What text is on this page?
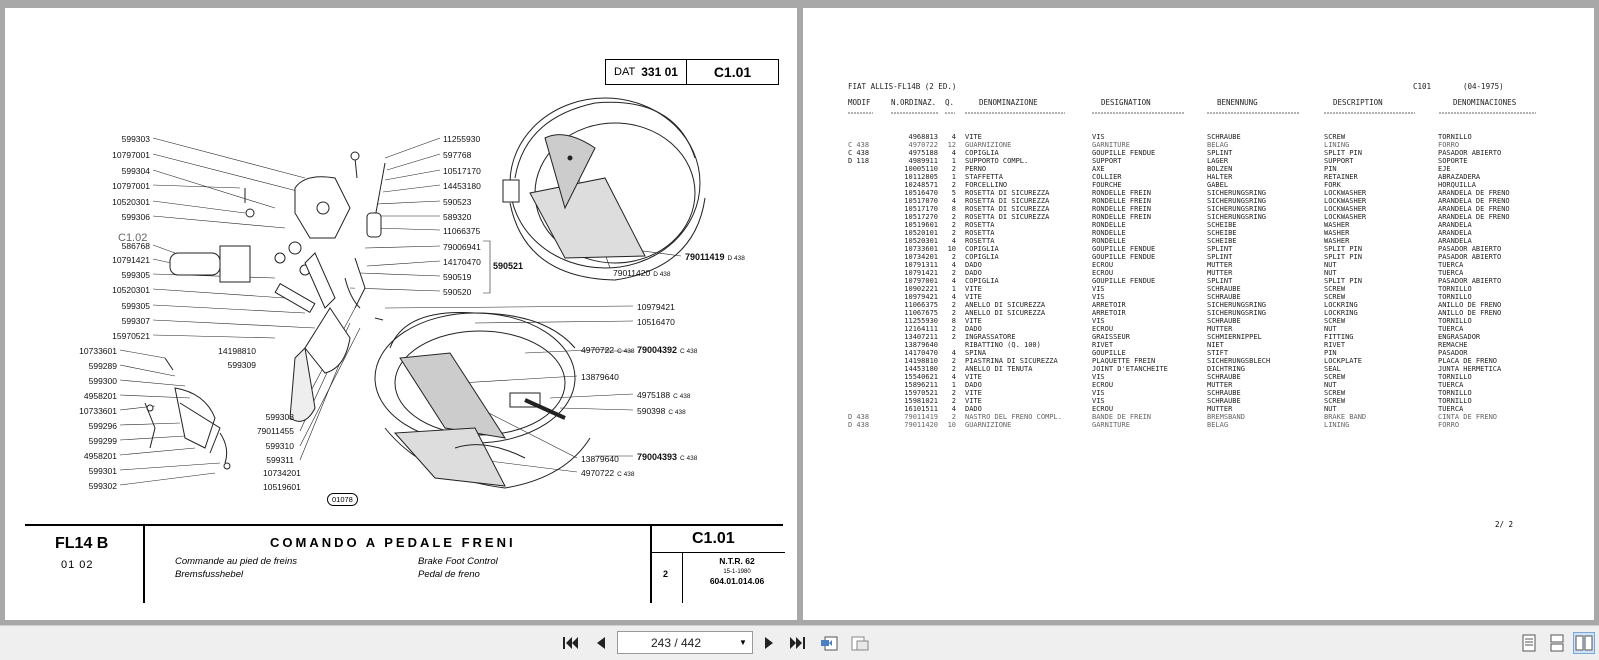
DAT 331 01	C1.01
599303
10797001
599304
10797001
10520301
599306
C1.02
586768
10791421
599305
10520301
599305
599307
15970521
10733601
599289
599300
4958201
10733601
599296
599299
4958201
599301
599302
14198810
599309
599308
79011455
599310
599311
10734201
10519601
01078
11255930
597768
10517170
14453180
590523
589320
11066375
79006941
14170470
590519
590520
590521
79011419 D 438
79011420 D 438
10979421
10516470
4970722 C 438 79004392 C 438
13879640
4975188 C 438
590398 C 438
79004393 C 438
13879640
4970722 C 438
FL14 B
01 02
COMANDO A PEDALE FRENI
Commande au pied de freins
Bremsfusshebel
Brake Foot Control
Pedal de freno
C1.01
2
N.T.R. 62
15-1-1980
604.01.014.06
FIAT ALLIS-FL14B (2 ED.)	C101	(04-1975)
MODIF	N.ORDINAZ. Q.	DENOMINAZIONE	DESIGNATION	BENENNUNG	DESCRIPTION	DENOMINACIONES
4968813	4 VITE	VIS	SCHRAUBE	SCREW	TORNILLO
C 438	4970722	12 GUARNIZIONE	GARNITURE	BELAG	LINING	FORRO
C 438	4975188	4 COPIGLIA	GOUPILLE FENDUE	SPLINT	SPLIT PIN	PASADOR ABIERTO
D 118	4989911	1 SUPPORTO COMPL.	SUPPORT	LAGER	SUPPORT	SOPORTE
10005110	2 PERNO	AXE	BOLZEN	PIN	EJE
10112805	1 STAFFETTA	COLLIER	HALTER	RETAINER	ABRAZADERA
10248571	2 FORCELLINO	FOURCHE	GABEL	FORK	HORQUILLA
10516470	5 ROSETTA DI SICUREZZA	RONDELLE FREIN	SICHERUNGSRING	LOCKWASHER	ARANDELA DE FRENO
10517070	4 ROSETTA DI SICUREZZA	RONDELLE FREIN	SICHERUNGSRING	LOCKWASHER	ARANDELA DE FRENO
10517170	8 ROSETTA DI SICUREZZA	RONDELLE FREIN	SICHERUNGSRING	LOCKWASHER	ARANDELA DE FRENO
10517270	2 ROSETTA DI SICUREZZA	RONDELLE FREIN	SICHERUNGSRING	LOCKWASHER	ARANDELA DE FRENO
10519601	2 ROSETTA	RONDELLE	SCHEIBE	WASHER	ARANDELA
10520101	2 ROSETTA	RONDELLE	SCHEIBE	WASHER	ARANDELA
10520301	4 ROSETTA	RONDELLE	SCHEIBE	WASHER	ARANDELA
10733601	10 COPIGLIA	GOUPILLE FENDUE	SPLINT	SPLIT PIN	PASADOR ABIERTO
10734201	2 COPIGLIA	GOUPILLE FENDUE	SPLINT	SPLIT PIN	PASADOR ABIERTO
10791311	4 DADO	ECROU	MUTTER	NUT	TUERCA
10791421	2 DADO	ECROU	MUTTER	NUT	TUERCA
10797001	4 COPIGLIA	GOUPILLE FENDUE	SPLINT	SPLIT PIN	PASADOR ABIERTO
10902221	1 VITE	VIS	SCHRAUBE	SCREW	TORNILLO
10979421	4 VITE	VIS	SCHRAUBE	SCREW	TORNILLO
11066375	2 ANELLO DI SICUREZZA	ARRETOIR	SICHERUNGSRING	LOCKRING	ANILLO DE FRENO
11067675	2 ANELLO DI SICUREZZA	ARRETOIR	SICHERUNGSRING	LOCKRING	ANILLO DE FRENO
11255930	8 VITE	VIS	SCHRAUBE	SCREW	TORNILLO
12164111	2 DADO	ECROU	MUTTER	NUT	TUERCA
13407211	2 INGRASSATORE	GRAISSEUR	SCHMIERNIPPEL	FITTING	ENGRASADOR
13879640	RIBATTINO (Q. 100)	RIVET	NIET	RIVET	REMACHE
14170470	4 SPINA	GOUPILLE	STIFT	PIN	PASADOR
14198810	2 PIASTRINA DI SICUREZZA	PLAQUETTE FREIN	SICHERUNGSBLECH	LOCKPLATE	PLACA DE FRENO
14453180	2 ANELLO DI TENUTA	JOINT D'ETANCHEITE	DICHTRING	SEAL	JUNTA HERMETICA
15540621	4 VITE	VIS	SCHRAUBE	SCREW	TORNILLO
15896211	1 DADO	ECROU	MUTTER	NUT	TUERCA
15970521	2 VITE	VIS	SCHRAUBE	SCREW	TORNILLO
15981021	2 VITE	VIS	SCHRAUBE	SCREW	TORNILLO
16101511	4 DADO	ECROU	MUTTER	NUT	TUERCA
D 438	79011419	2 NASTRO DEL FRENO COMPL.	BANDE DE FREIN	BREMSBAND	BRAKE BAND	CINTA DE FRENO
D 438	79011420	10 GUARNIZIONE	GARNITURE	BELAG	LINING	FORRO
2/ 2
243 / 442	▼
